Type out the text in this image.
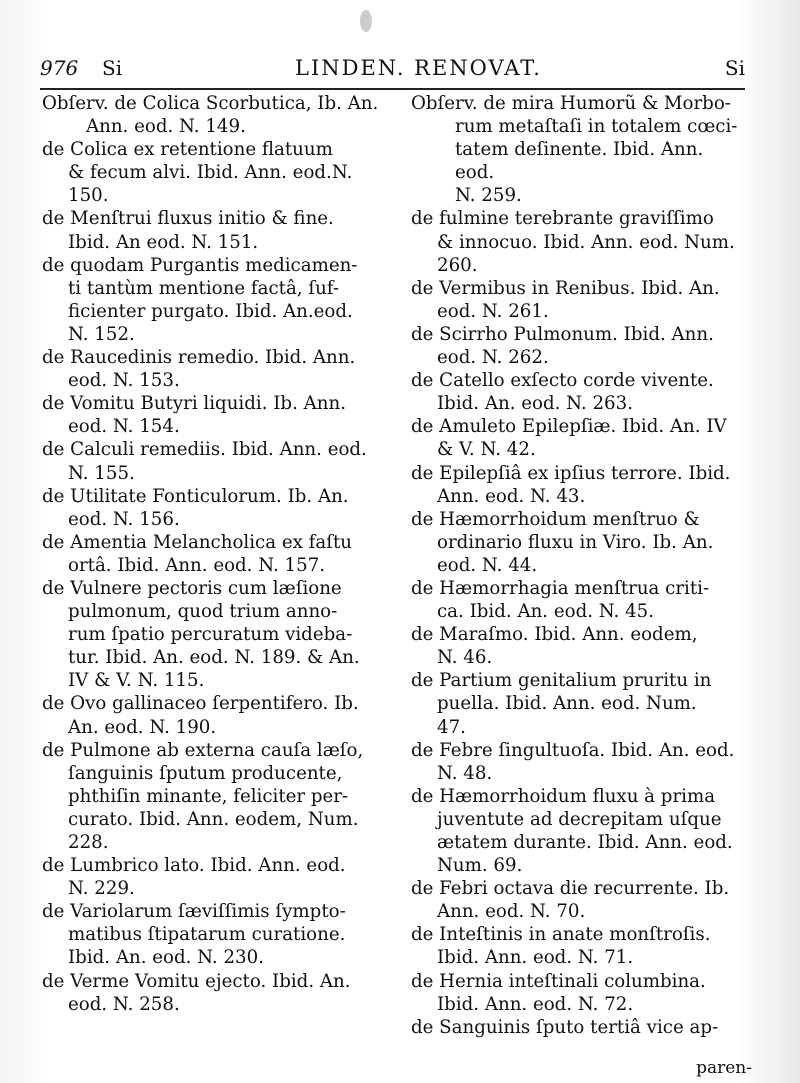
976 Si	LINDEN. RENOVAT.	Si
Obſerv. de Colica Scorbutica, Ib. An.
Ann. eod. N. 149.
de Colica ex retentione flatuum
& fecum alvi. Ibid. Ann. eod.N.
150.
de Menſtrui fluxus initio & fine.
Ibid. An eod. N. 151.
de quodam Purgantis medicamen-
ti tantùm mentione factâ, ſuf-
ficienter purgato. Ibid. An.eod.
N. 152.
de Raucedinis remedio. Ibid. Ann.
eod. N. 153.
de Vomitu Butyri liquidi. Ib. Ann.
eod. N. 154.
de Calculi remediis. Ibid. Ann. eod.
N. 155.
de Utilitate Fonticulorum. Ib. An.
eod. N. 156.
de Amentia Melancholica ex faſtu
ortâ. Ibid. Ann. eod. N. 157.
de Vulnere pectoris cum læſione
pulmonum, quod trium anno-
rum ſpatio percuratum videba-
tur. Ibid. An. eod. N. 189. & An.
IV & V. N. 115.
de Ovo gallinaceo ſerpentifero. Ib.
An. eod. N. 190.
de Pulmone ab externa cauſa læſo,
ſanguinis ſputum producente,
phthiſin minante, feliciter per-
curato. Ibid. Ann. eodem, Num.
228.
de Lumbrico lato. Ibid. Ann. eod.
N. 229.
de Variolarum ſæviſſimis ſympto-
matibus ſtipatarum curatione.
Ibid. An. eod. N. 230.
de Verme Vomitu ejecto. Ibid. An.
eod. N. 258.
Obſerv. de mira Humorũ & Morbo-
rum metaſtaſi in totalem cœci-
tatem deſinente. Ibid. Ann. eod.
N. 259.
de fulmine terebrante graviſſimo
& innocuo. Ibid. Ann. eod. Num.
260.
de Vermibus in Renibus. Ibid. An.
eod. N. 261.
de Scirrho Pulmonum. Ibid. Ann.
eod. N. 262.
de Catello exſecto corde vivente.
Ibid. An. eod. N. 263.
de Amuleto Epilepſiæ. Ibid. An. IV
& V. N. 42.
de Epilepſiâ ex ipſius terrore. Ibid.
Ann. eod. N. 43.
de Hæmorrhoidum menſtruo &
ordinario fluxu in Viro. Ib. An.
eod. N. 44.
de Hæmorrhagia menſtrua criti-
ca. Ibid. An. eod. N. 45.
de Maraſmo. Ibid. Ann. eodem,
N. 46.
de Partium genitalium pruritu in
puella. Ibid. Ann. eod. Num.
47.
de Febre ſingultuoſa. Ibid. An. eod.
N. 48.
de Hæmorrhoidum fluxu à prima
juventute ad decrepitam uſque
ætatem durante. Ibid. Ann. eod.
Num. 69.
de Febri octava die recurrente. Ib.
Ann. eod. N. 70.
de Inteſtinis in anate monſtroſis.
Ibid. Ann. eod. N. 71.
de Hernia inteſtinali columbina.
Ibid. Ann. eod. N. 72.
de Sanguinis ſputo tertiâ vice ap-
paren-
